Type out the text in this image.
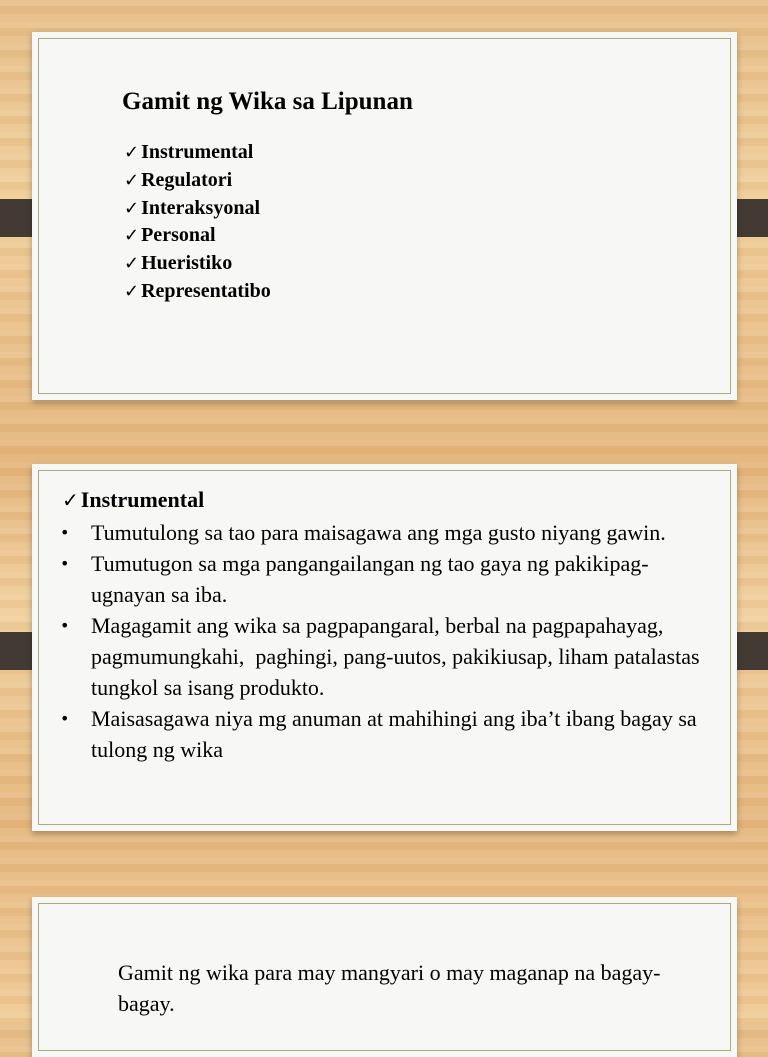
Gamit ng Wika sa Lipunan
✓ Instrumental
✓ Regulatori
✓ Interaksyonal
✓ Personal
✓ Hueristiko
✓ Representatibo
✓Instrumental
• Tumutulong sa tao para maisagawa ang mga gusto niyang gawin.
• Tumutugon sa mga pangangailangan ng tao gaya ng pakikipag-ugnayan sa iba.
• Magagamit ang wika sa pagpapangaral, berbal na pagpapahayag, pagmumungkahi,  paghingi, pang-uutos, pakikiusap, liham patalastas tungkol sa isang produkto.
• Maisasagawa niya mg anuman at mahihingi ang iba’t ibang bagay sa tulong ng wika
Gamit ng wika para may mangyari o may maganap na bagay-bagay.
